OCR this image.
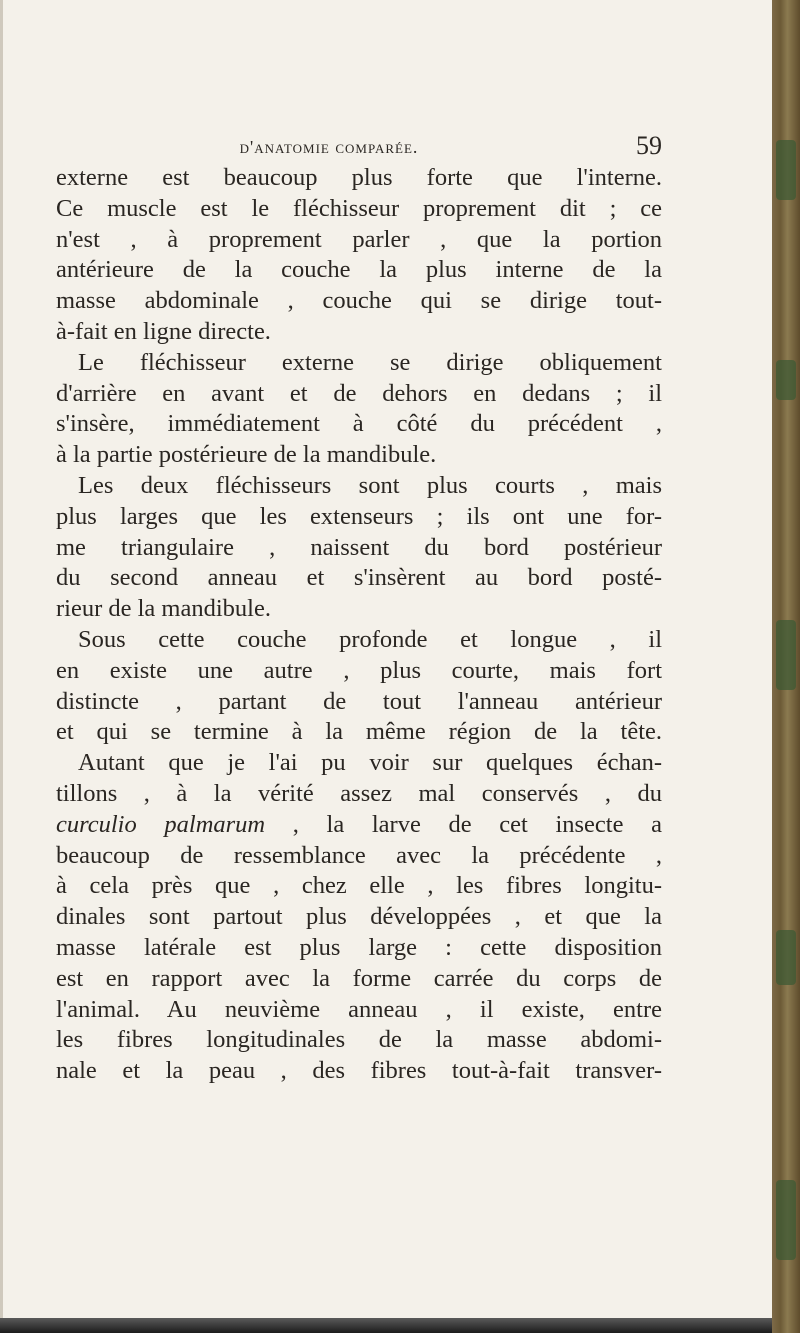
d'anatomie comparée.	59
externe est beaucoup plus forte que l'interne.
Ce muscle est le fléchisseur proprement dit ; ce
n'est , à proprement parler , que la portion
antérieure de la couche la plus interne de la
masse abdominale , couche qui se dirige tout-
à-fait en ligne directe.
Le fléchisseur externe se dirige obliquement
d'arrière en avant et de dehors en dedans ; il
s'insère, immédiatement à côté du précédent ,
à la partie postérieure de la mandibule.
Les deux fléchisseurs sont plus courts , mais
plus larges que les extenseurs ; ils ont une for-
me triangulaire , naissent du bord postérieur
du second anneau et s'insèrent au bord posté-
rieur de la mandibule.
Sous cette couche profonde et longue , il
en existe une autre , plus courte, mais fort
distincte , partant de tout l'anneau antérieur
et qui se termine à la même région de la tête.
Autant que je l'ai pu voir sur quelques échan-
tillons , à la vérité assez mal conservés , du
curculio palmarum , la larve de cet insecte a
beaucoup de ressemblance avec la précédente ,
à cela près que , chez elle , les fibres longitu-
dinales sont partout plus développées , et que la
masse latérale est plus large : cette disposition
est en rapport avec la forme carrée du corps de
l'animal. Au neuvième anneau , il existe, entre
les fibres longitudinales de la masse abdomi-
nale et la peau , des fibres tout-à-fait transver-
